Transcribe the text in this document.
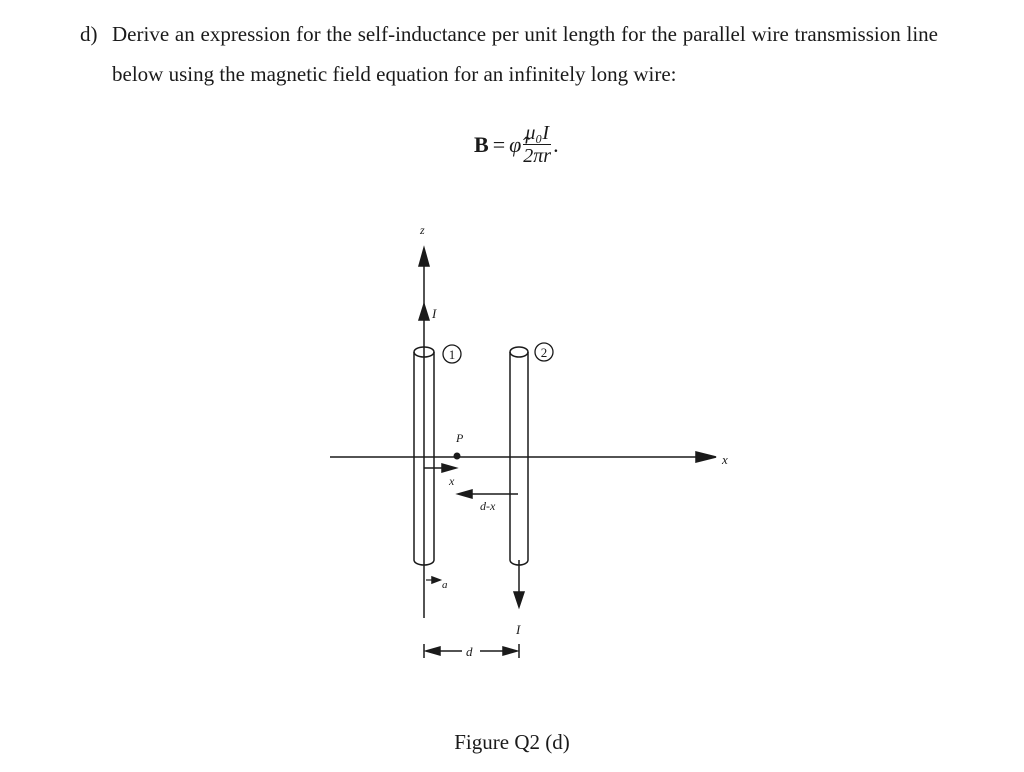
d) Derive an expression for the self-inductance per unit length for the parallel wire transmission line below using the magnetic field equation for an infinitely long wire:
B = φ̂ $\frac{\text{μ₀I}}{2\pi r}$ .
z
x
I
I
1	2
P
x
d-x
a
d
Figure Q2 (d)
